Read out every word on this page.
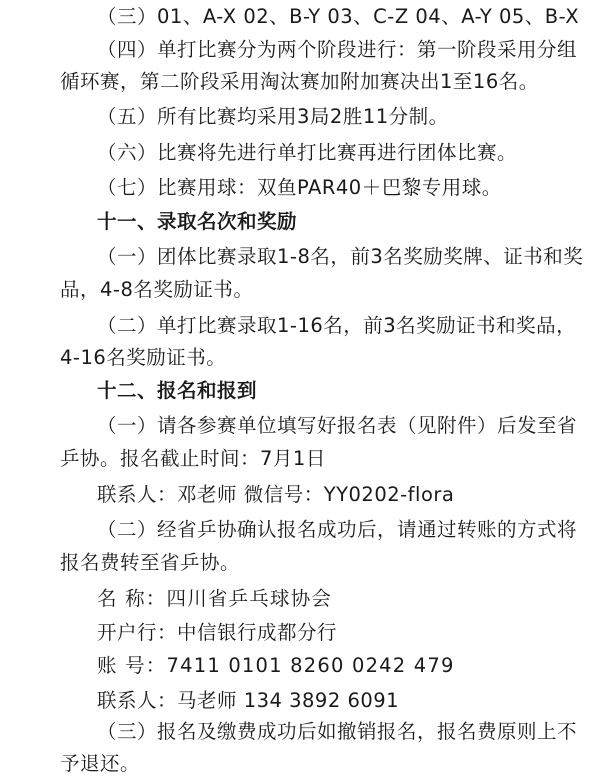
（三）01、A-X 02、B-Y 03、C-Z 04、A-Y 05、B-X
（四）单打比赛分为两个阶段进行：第一阶段采用分组
循环赛，第二阶段采用淘汰赛加附加赛决出1至16名。
（五）所有比赛均采用3局2胜11分制。
（六）比赛将先进行单打比赛再进行团体比赛。
（七）比赛用球：双鱼PAR40＋巴黎专用球。
十一、录取名次和奖励
（一）团体比赛录取1-8名，前3名奖励奖牌、证书和奖
品，4-8名奖励证书。
（二）单打比赛录取1-16名，前3名奖励证书和奖品，
4-16名奖励证书。
十二、报名和报到
（一）请各参赛单位填写好报名表（见附件）后发至省
乒协。报名截止时间：7月1日
联系人：邓老师 微信号：YY0202-flora
（二）经省乒协确认报名成功后，请通过转账的方式将
报名费转至省乒协。
名 称：四川省乒乓球协会
开户行：中信银行成都分行
账 号：7411 0101 8260 0242 479
联系人：马老师 134 3892 6091
（三）报名及缴费成功后如撤销报名，报名费原则上不
予退还。
